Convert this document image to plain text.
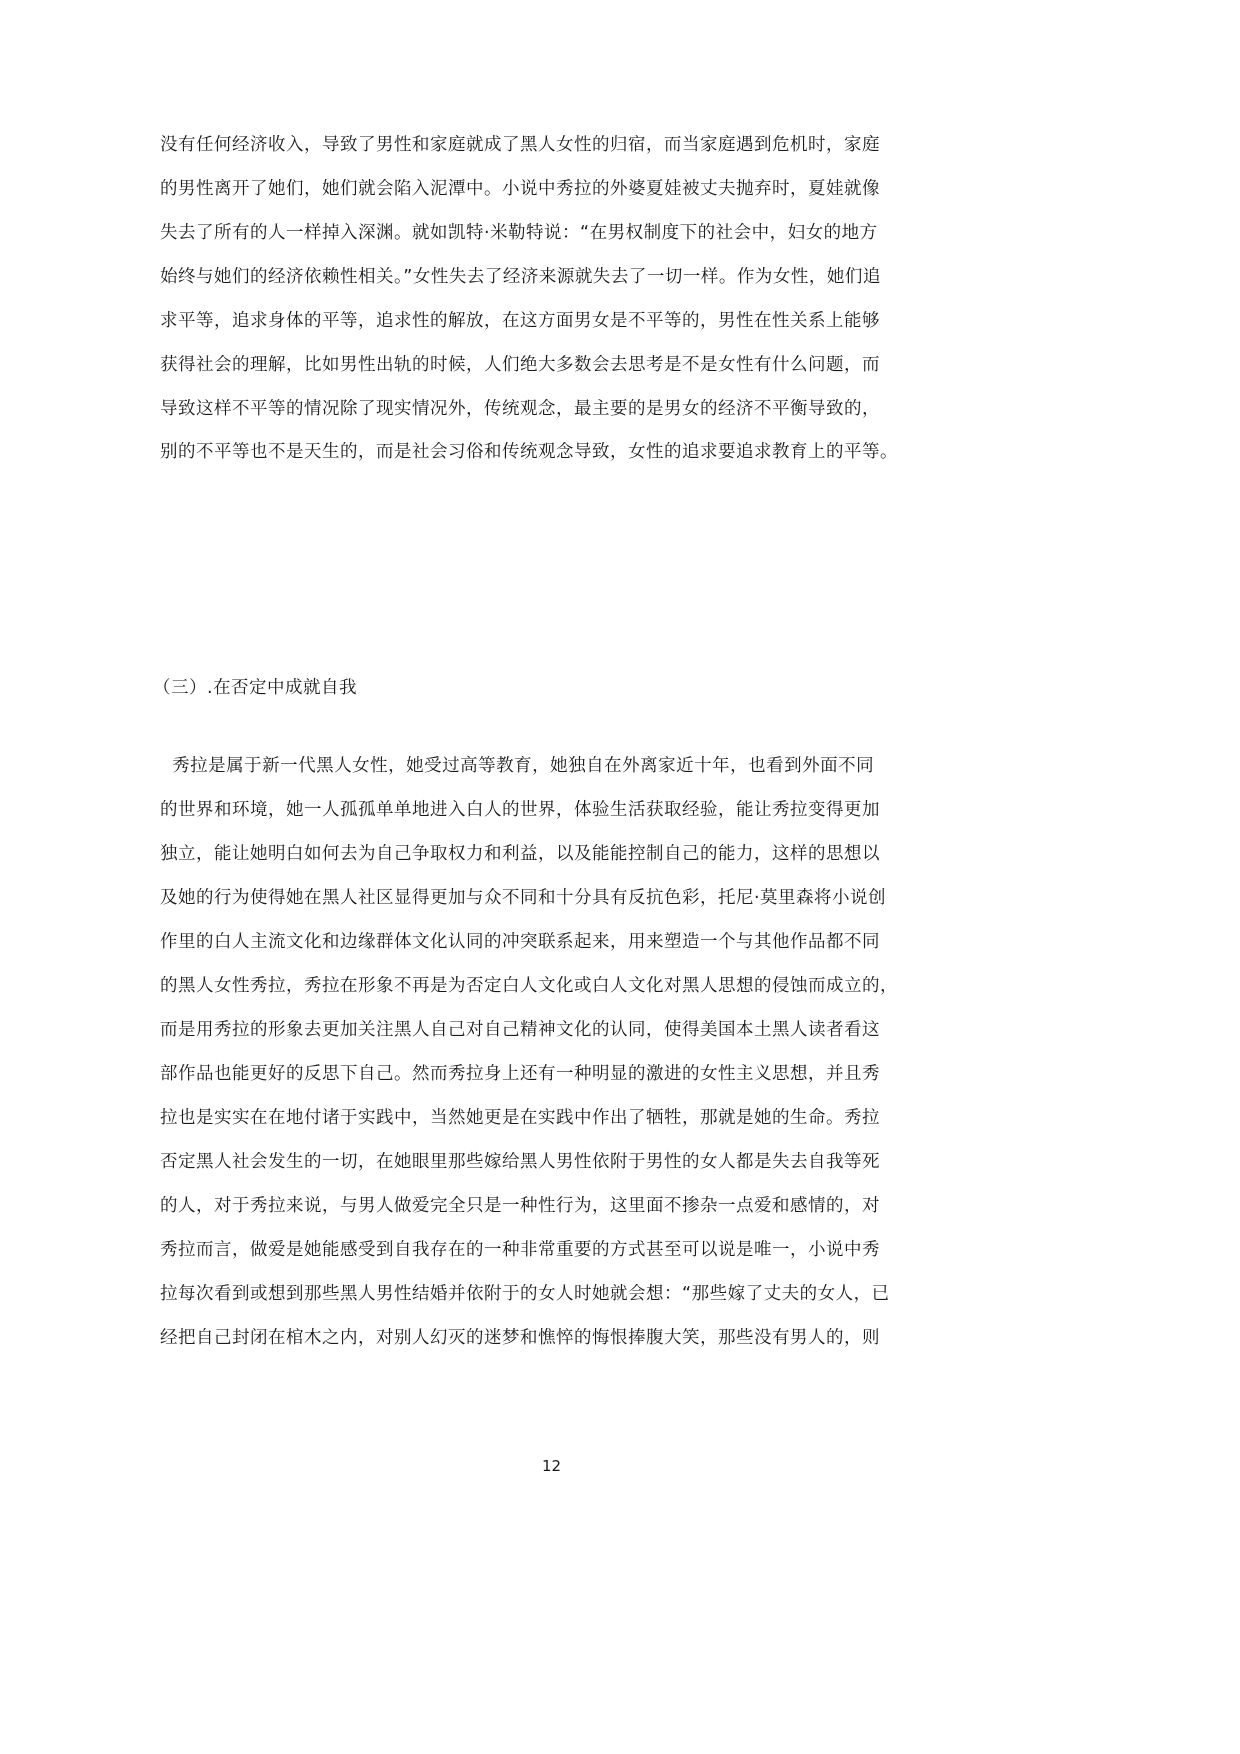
没有任何经济收入，导致了男性和家庭就成了黑人女性的归宿，而当家庭遇到危机时，家庭
的男性离开了她们，她们就会陷入泥潭中。小说中秀拉的外婆夏娃被丈夫抛弃时，夏娃就像
失去了所有的人一样掉入深渊。就如凯特·米勒特说：“在男权制度下的社会中，妇女的地方
始终与她们的经济依赖性相关。”女性失去了经济来源就失去了一切一样。作为女性，她们追
求平等，追求身体的平等，追求性的解放，在这方面男女是不平等的，男性在性关系上能够
获得社会的理解，比如男性出轨的时候，人们绝大多数会去思考是不是女性有什么问题，而
导致这样不平等的情况除了现实情况外，传统观念，最主要的是男女的经济不平衡导致的，
别的不平等也不是天生的，而是社会习俗和传统观念导致，女性的追求要追求教育上的平等。
（三）.在否定中成就自我
秀拉是属于新一代黑人女性，她受过高等教育，她独自在外离家近十年，也看到外面不同
的世界和环境，她一人孤孤单单地进入白人的世界，体验生活获取经验，能让秀拉变得更加
独立，能让她明白如何去为自己争取权力和利益，以及能能控制自己的能力，这样的思想以
及她的行为使得她在黑人社区显得更加与众不同和十分具有反抗色彩，托尼·莫里森将小说创
作里的白人主流文化和边缘群体文化认同的冲突联系起来，用来塑造一个与其他作品都不同
的黑人女性秀拉，秀拉在形象不再是为否定白人文化或白人文化对黑人思想的侵蚀而成立的，
而是用秀拉的形象去更加关注黑人自己对自己精神文化的认同，使得美国本土黑人读者看这
部作品也能更好的反思下自己。然而秀拉身上还有一种明显的激进的女性主义思想，并且秀
拉也是实实在在地付诸于实践中，当然她更是在实践中作出了牺牲，那就是她的生命。秀拉
否定黑人社会发生的一切，在她眼里那些嫁给黑人男性依附于男性的女人都是失去自我等死
的人，对于秀拉来说，与男人做爱完全只是一种性行为，这里面不掺杂一点爱和感情的，对
秀拉而言，做爱是她能感受到自我存在的一种非常重要的方式甚至可以说是唯一，小说中秀
拉每次看到或想到那些黑人男性结婚并依附于的女人时她就会想：“那些嫁了丈夫的女人，已
经把自己封闭在棺木之内，对别人幻灭的迷梦和憔悴的悔恨捧腹大笑，那些没有男人的，则
12
